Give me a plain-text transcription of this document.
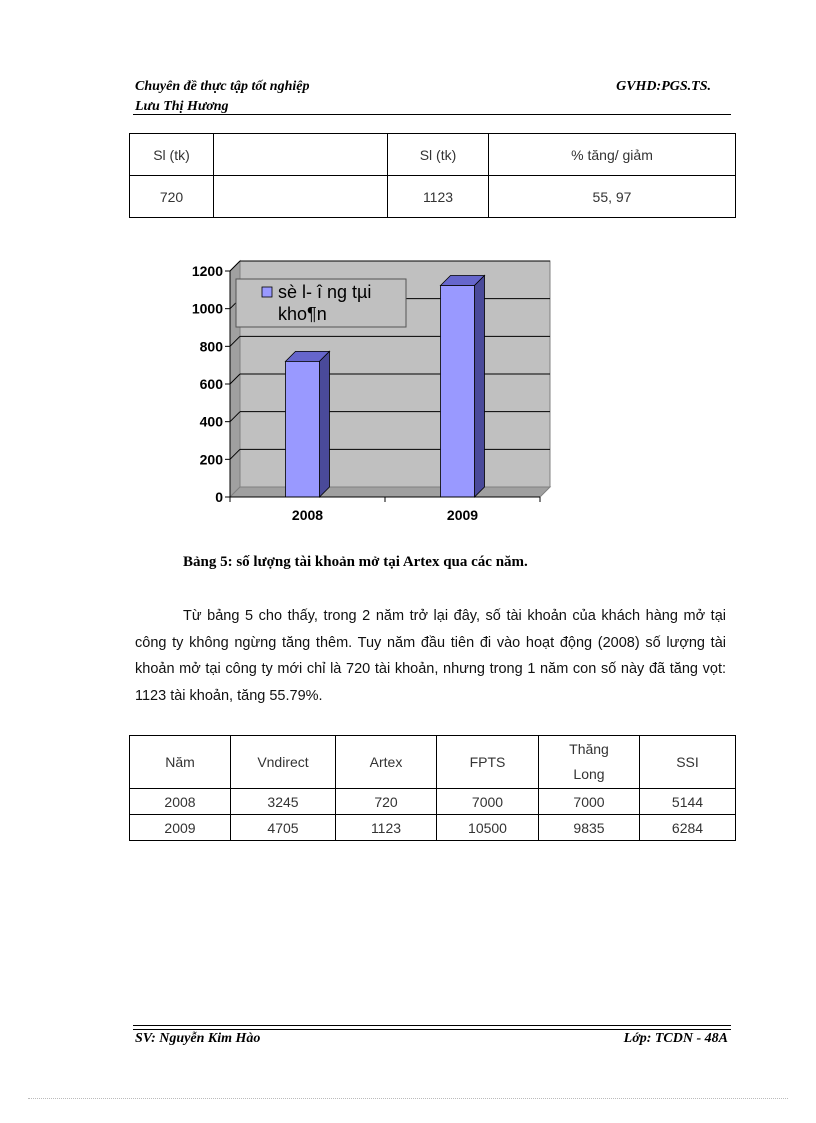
Chuyên đề thực tập tốt nghiệp
Lưu Thị Hương
GVHD:PGS.TS.
Sl (tk)		Sl (tk)	% tăng/ giảm
720		1123	55, 97
0
200
400
600
800
1000
1200
2008	2009
sè l- î ng tµi
kho¶n
Bảng 5: số lượng tài khoản mở tại Artex qua các năm.
Từ bảng 5 cho thấy, trong 2 năm trở lại đây, số tài khoản của khách hàng mở tại công ty không ngừng tăng thêm. Tuy năm đầu tiên đi vào hoạt động (2008) số lượng tài khoản mở tại công ty mới chỉ là 720 tài khoản, nhưng trong 1 năm con số này đã tăng vọt: 1123 tài khoản, tăng 55.79%.
Năm	Vndirect	Artex	FPTS	Thăng Long	SSI
2008	3245	720	7000	7000	5144
2009	4705	1123	10500	9835	6284
SV: Nguyễn Kim Hào	Lớp: TCDN - 48A
